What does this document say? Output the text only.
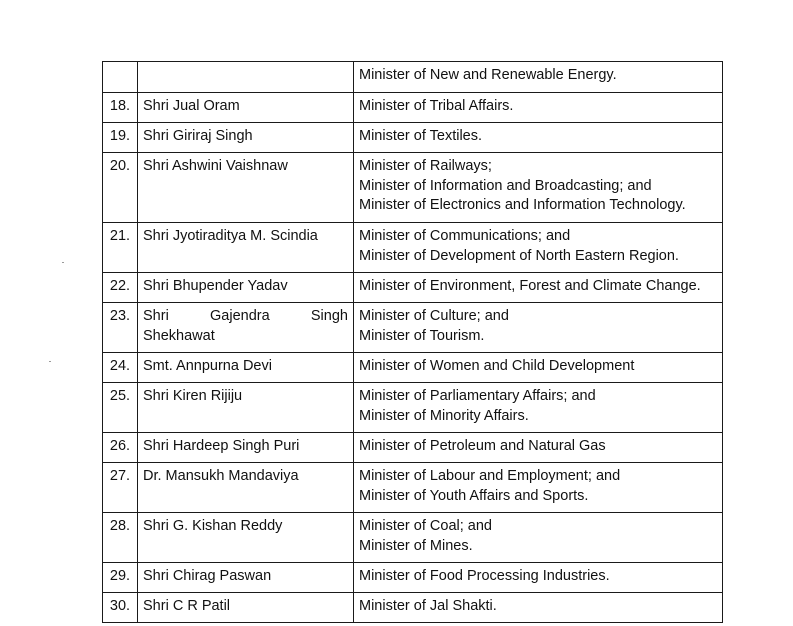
		Minister of New and Renewable Energy.

18.	Shri Jual Oram	Minister of Tribal Affairs.

19.	Shri Giriraj Singh	Minister of Textiles.

20.	Shri Ashwini Vaishnaw	Minister of Railways;
Minister of Information and Broadcasting; and
Minister of Electronics and Information Technology.

21.	Shri Jyotiraditya M. Scindia	Minister of Communications; and
Minister of Development of North Eastern Region.

22.	Shri Bhupender Yadav	Minister of Environment, Forest and Climate Change.

23.	Shri Gajendra Singh
Shekhawat	Minister of Culture; and
Minister of Tourism.

24.	Smt. Annpurna Devi	Minister of Women and Child Development

25.	Shri Kiren Rijiju	Minister of Parliamentary Affairs; and
Minister of Minority Affairs.

26.	Shri Hardeep Singh Puri	Minister of Petroleum and Natural Gas

27.	Dr. Mansukh Mandaviya	Minister of Labour and Employment; and
Minister of Youth Affairs and Sports.

28.	Shri G. Kishan Reddy	Minister of Coal; and
Minister of Mines.

29.	Shri Chirag Paswan	Minister of Food Processing Industries.

30.	Shri C R Patil	Minister of Jal Shakti.
